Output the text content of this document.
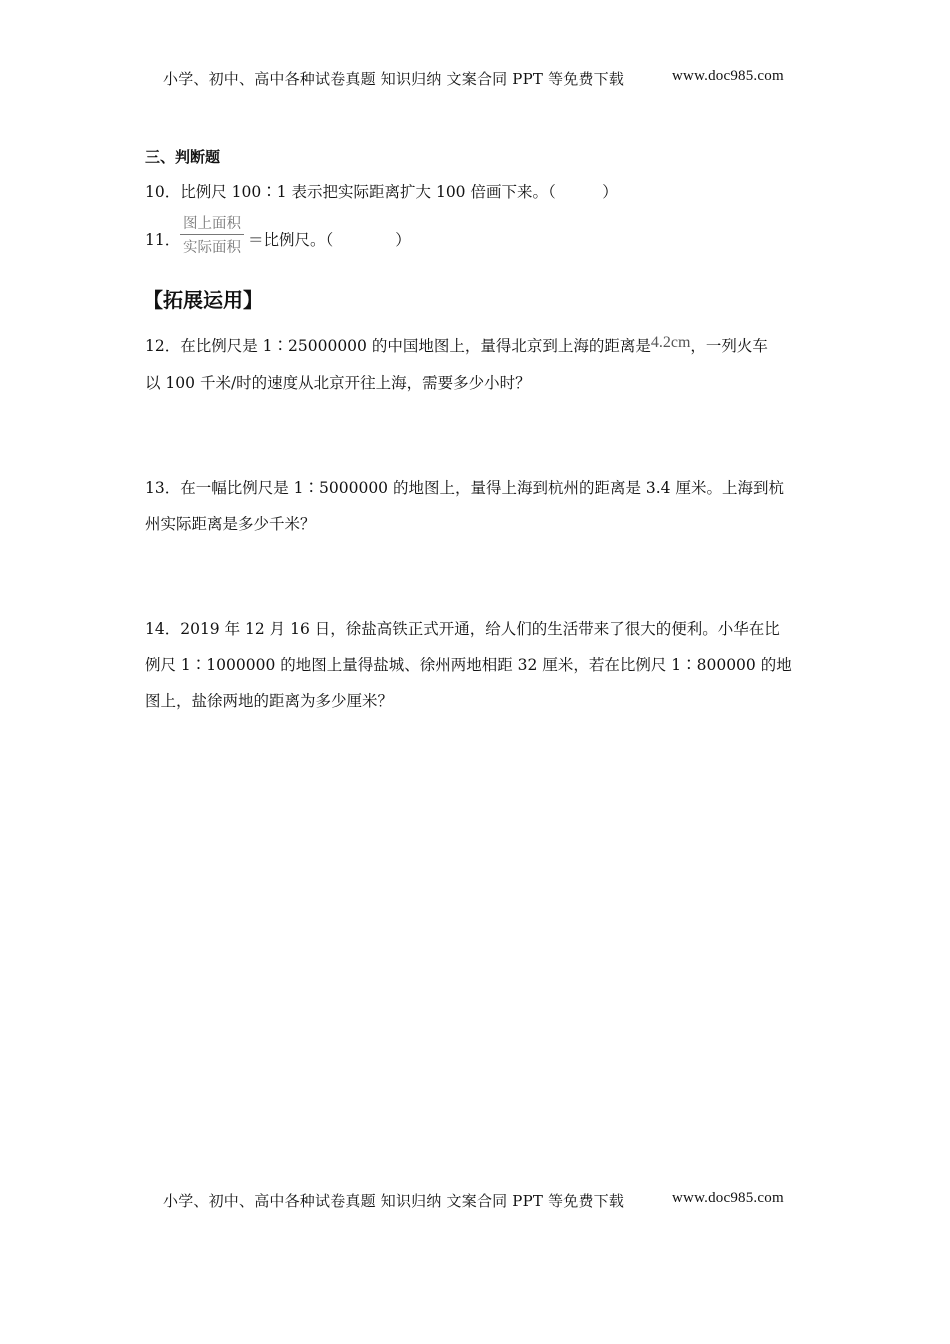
小学、初中、高中各种试卷真题 知识归纳 文案合同 PPT 等免费下载	www.doc985.com
三、判断题
10．比例尺 100∶1 表示把实际距离扩大 100 倍画下来。（　　　）
11．
图上面积
实际面积 ＝比例尺。（　　　　）
【拓展运用】
12．在比例尺是 1∶25000000 的中国地图上，量得北京到上海的距离是4.2cm，一列火车
以 100 千米/时的速度从北京开往上海，需要多少小时？
13．在一幅比例尺是 1∶5000000 的地图上，量得上海到杭州的距离是 3.4 厘米。上海到杭
州实际距离是多少千米？
14．2019 年 12 月 16 日，徐盐高铁正式开通，给人们的生活带来了很大的便利。小华在比
例尺 1∶1000000 的地图上量得盐城、徐州两地相距 32 厘米，若在比例尺 1∶800000 的地
图上，盐徐两地的距离为多少厘米？
小学、初中、高中各种试卷真题 知识归纳 文案合同 PPT 等免费下载	www.doc985.com
